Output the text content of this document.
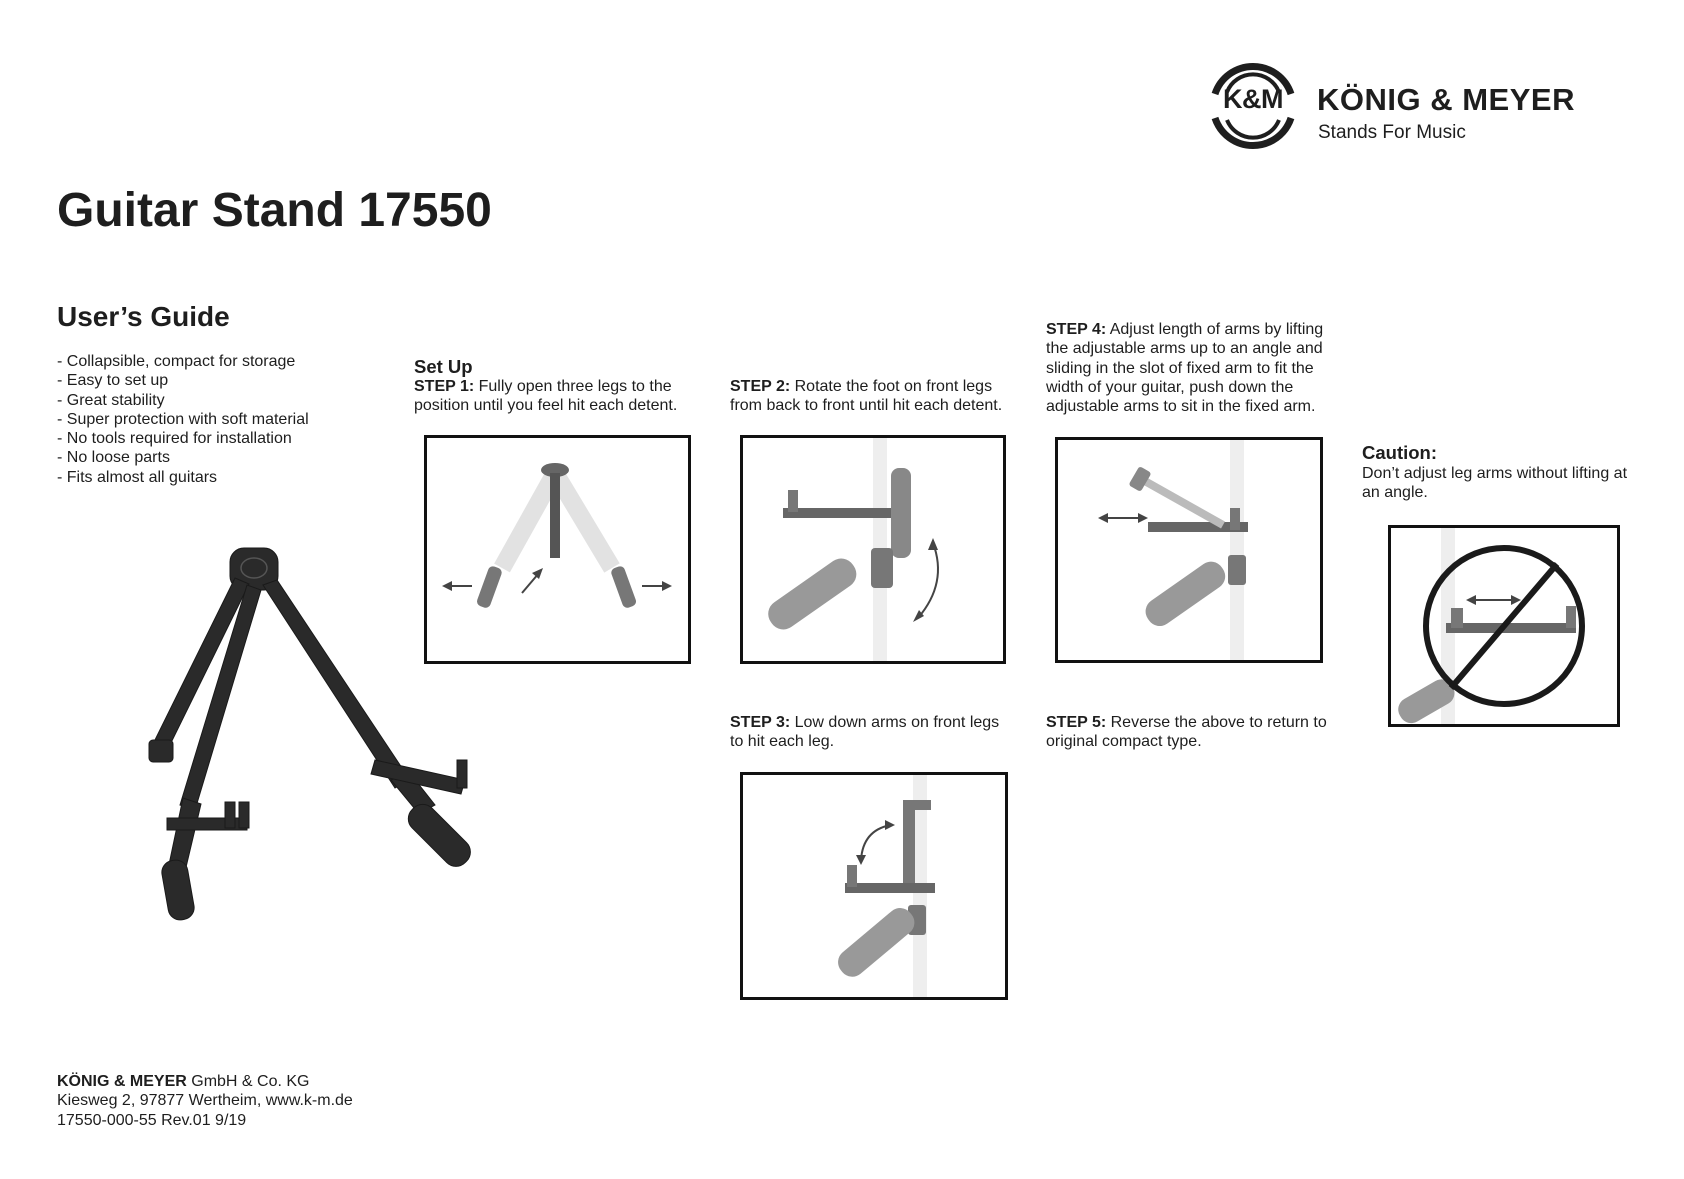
K&M	KÖNIG & MEYER
Stands For Music
Guitar Stand 17550
User’s Guide
- Collapsible, compact for storage
- Easy to set up
- Great stability
- Super protection with soft material
- No tools required for installation
- No loose parts
- Fits almost all guitars
Set Up
STEP 1: Fully open three legs to the position until you feel hit each detent.
STEP 2: Rotate the foot on front legs from back to front until hit each detent.
STEP 3: Low down arms on front legs to hit each leg.
STEP 4: Adjust length of arms by lifting the adjustable arms up to an angle and sliding in the slot of fixed arm to fit the width of your guitar, push down the adjustable arms to sit in the fixed arm.
STEP 5: Reverse the above to return to original compact type.
Caution:
Don’t adjust leg arms without lifting at an angle.
KÖNIG & MEYER GmbH & Co. KG
Kiesweg 2, 97877 Wertheim, www.k-m.de
17550-000-55 Rev.01 9/19
